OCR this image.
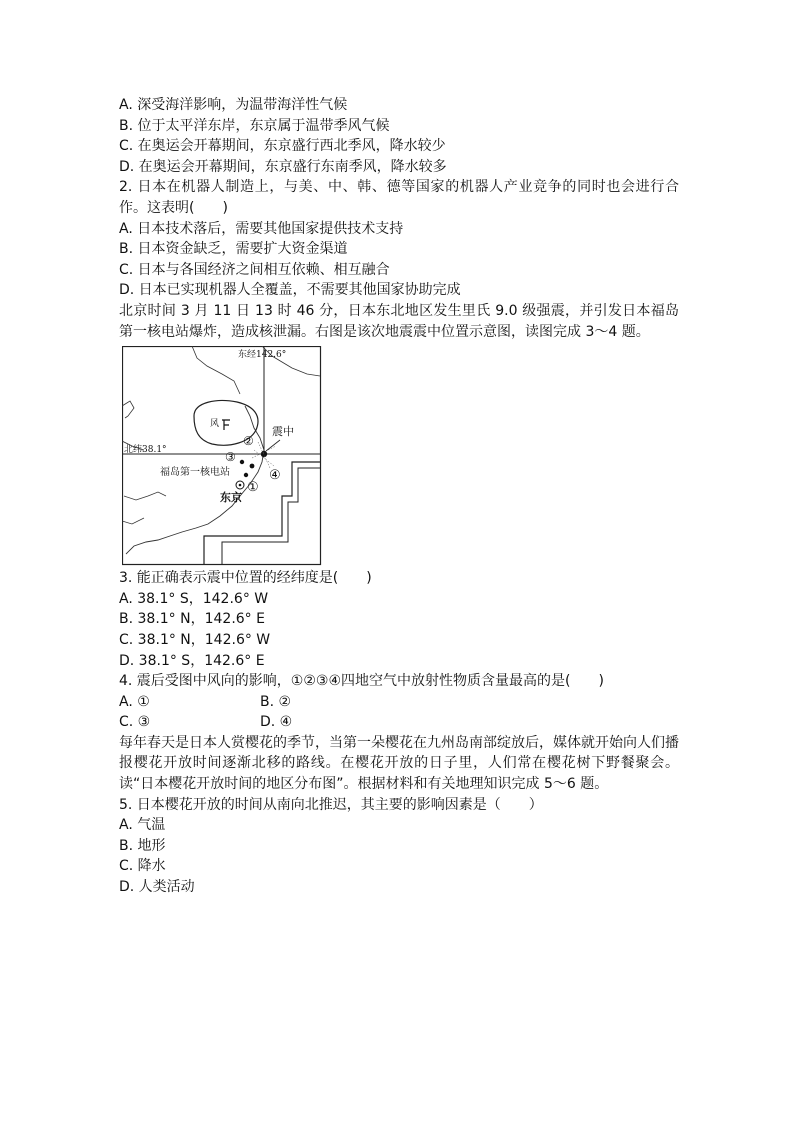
A. 深受海洋影响，为温带海洋性气候

B. 位于太平洋东岸，东京属于温带季风气候

C. 在奥运会开幕期间，东京盛行西北季风，降水较少

D. 在奥运会开幕期间，东京盛行东南季风，降水较多

2. 日本在机器人制造上，与美、中、韩、德等国家的机器人产业竞争的同时也会进行合作。这表明(　　)

A. 日本技术落后，需要其他国家提供技术支持

B. 日本资金缺乏，需要扩大资金渠道

C. 日本与各国经济之间相互依赖、相互融合

D. 日本已实现机器人全覆盖，不需要其他国家协助完成

北京时间 3 月 11 日 13 时 46 分，日本东北地区发生里氏 9.0 级强震，并引发日本福岛第一核电站爆炸，造成核泄漏。右图是该次地震震中位置示意图，读图完成 3～4 题。

风
震中
②
③
④
①
东经142.6°
北纬38.1°
福岛第一核电站
东京

3. 能正确表示震中位置的经纬度是(　　)

A. 38.1° S，142.6° W

B. 38.1° N，142.6° E

C. 38.1° N，142.6° W

D. 38.1° S，142.6° E

4. 震后受图中风向的影响，①②③④四地空气中放射性物质含量最高的是(　　)

A. ①	B. ②

C. ③	D. ④

每年春天是日本人赏樱花的季节，当第一朵樱花在九州岛南部绽放后，媒体就开始向人们播报樱花开放时间逐渐北移的路线。在樱花开放的日子里，人们常在樱花树下野餐聚会。读“日本樱花开放时间的地区分布图”。根据材料和有关地理知识完成 5～6 题。

5. 日本樱花开放的时间从南向北推迟，其主要的影响因素是（　　）

A. 气温

B. 地形

C. 降水

D. 人类活动
